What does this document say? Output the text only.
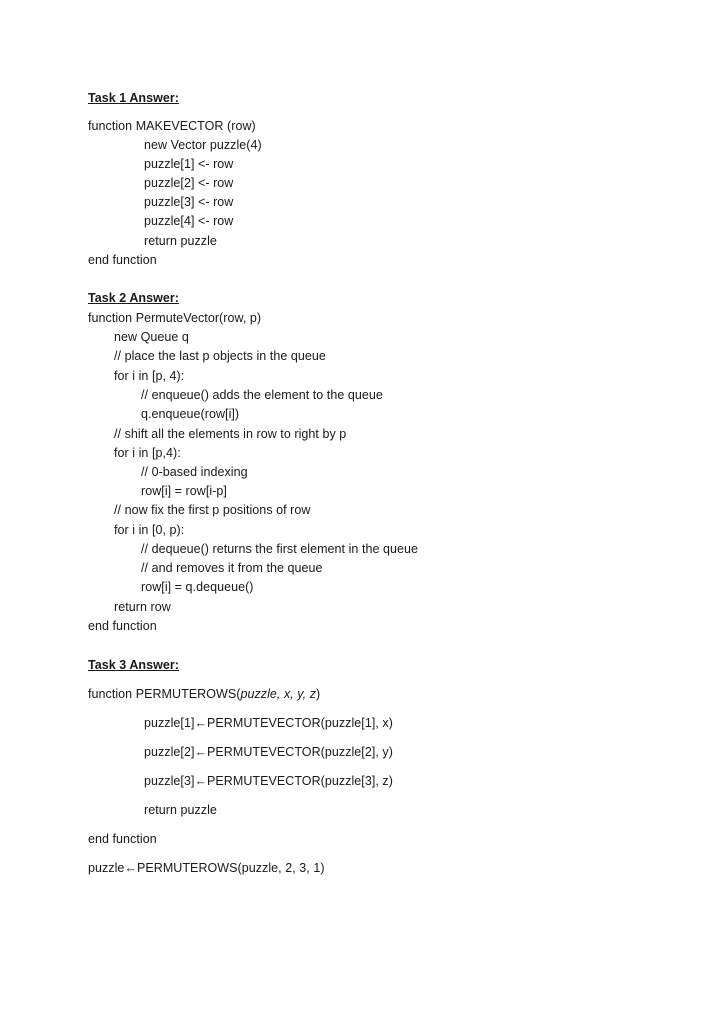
Task 1 Answer:
function MAKEVECTOR (row)
new Vector puzzle(4)
puzzle[1] <- row
puzzle[2] <- row
puzzle[3] <- row
puzzle[4] <- row
return puzzle
end function
Task 2 Answer:
function PermuteVector(row, p)
new Queue q
// place the last p objects in the queue
for i in [p, 4):
// enqueue() adds the element to the queue
q.enqueue(row[i])
// shift all the elements in row to right by p
for i in [p,4):
// 0-based indexing
row[i] = row[i-p]
// now fix the first p positions of row
for i in [0, p):
// dequeue() returns the first element in the queue
// and removes it from the queue
row[i] = q.dequeue()
return row
end function
Task 3 Answer:
function PERMUTEROWS(puzzle, x, y, z)
puzzle[1]←PERMUTEVECTOR(puzzle[1], x)
puzzle[2]←PERMUTEVECTOR(puzzle[2], y)
puzzle[3]←PERMUTEVECTOR(puzzle[3], z)
return puzzle
end function
puzzle←PERMUTEROWS(puzzle, 2, 3, 1)
